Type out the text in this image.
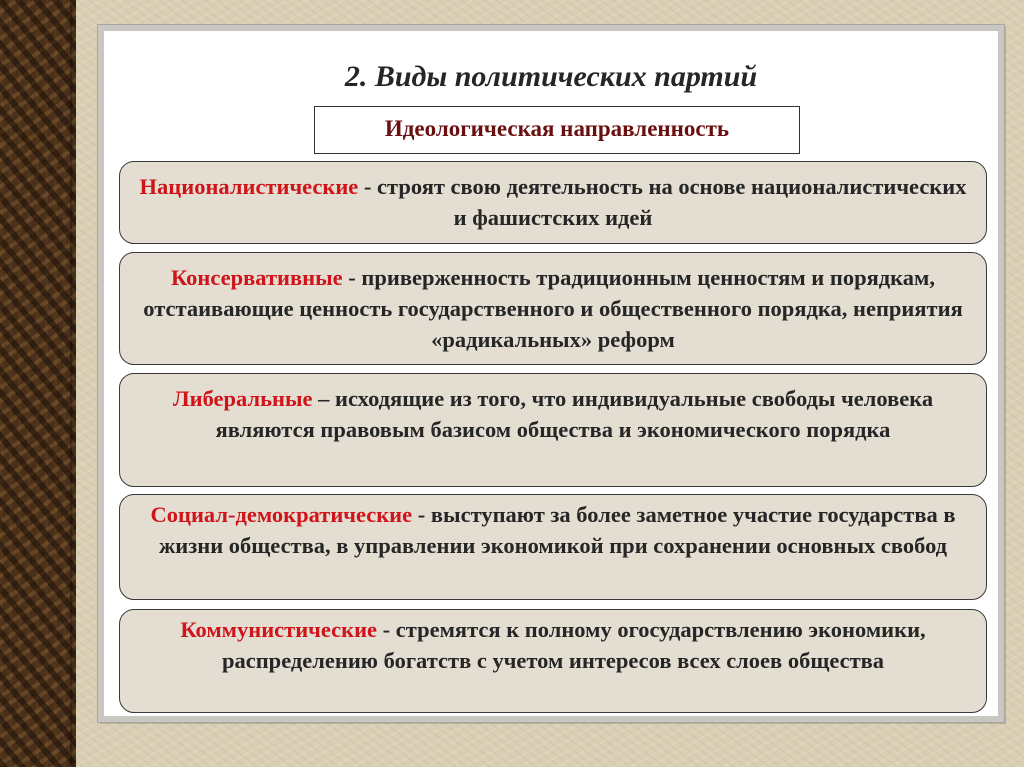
2. Виды политических партий
Идеологическая направленность
Националистические - строят свою деятельность на основе националистических и фашистских идей
Консервативные - приверженность традиционным ценностям и порядкам, отстаивающие ценность государственного и общественного порядка, неприятия «радикальных» реформ
Либеральные – исходящие из того, что индивидуальные свободы человека являются правовым базисом общества и экономического порядка
Социал-демократические - выступают за более заметное участие государства в жизни общества, в управлении экономикой при сохранении основных свобод
Коммунистические - стремятся к полному огосударствлению экономики, распределению богатств с учетом интересов всех слоев общества
